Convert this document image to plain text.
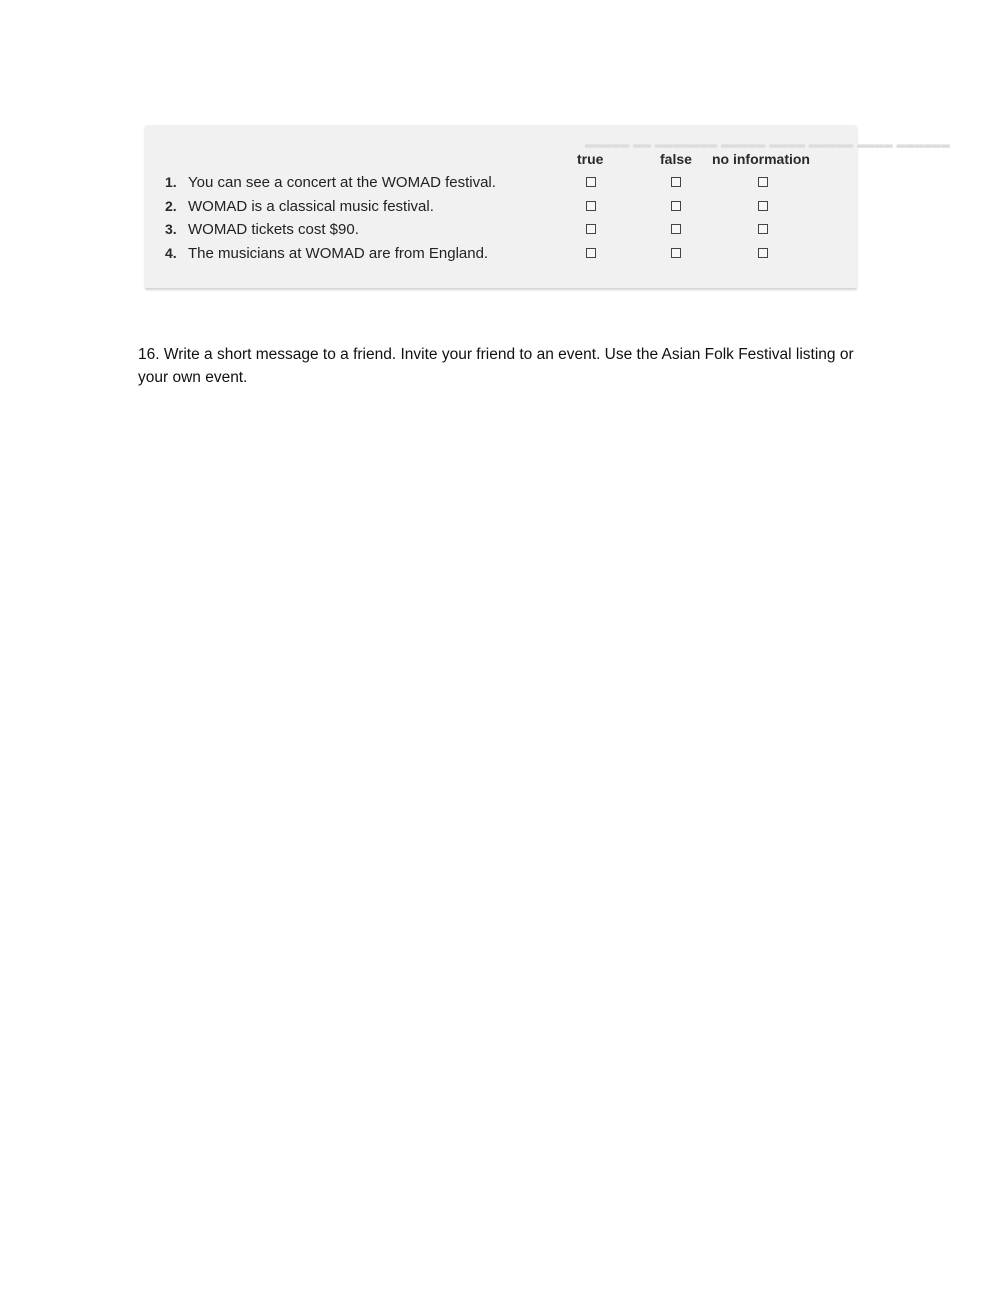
▂▂▂▂▂ ▂▂ ▂▂▂▂▂▂▂ ▂▂▂▂▂ ▂▂▂▂ ▂▂▂▂▂ ▂▂▂▂ ▂▂▂▂▂▂
true	false no information
1. You can see a concert at the WOMAD festival.
2. WOMAD is a classical music festival.
3. WOMAD tickets cost $90.
4. The musicians at WOMAD are from England.
16. Write a short message to a friend. Invite your friend to an event. Use the Asian Folk Festival listing or your own event.
